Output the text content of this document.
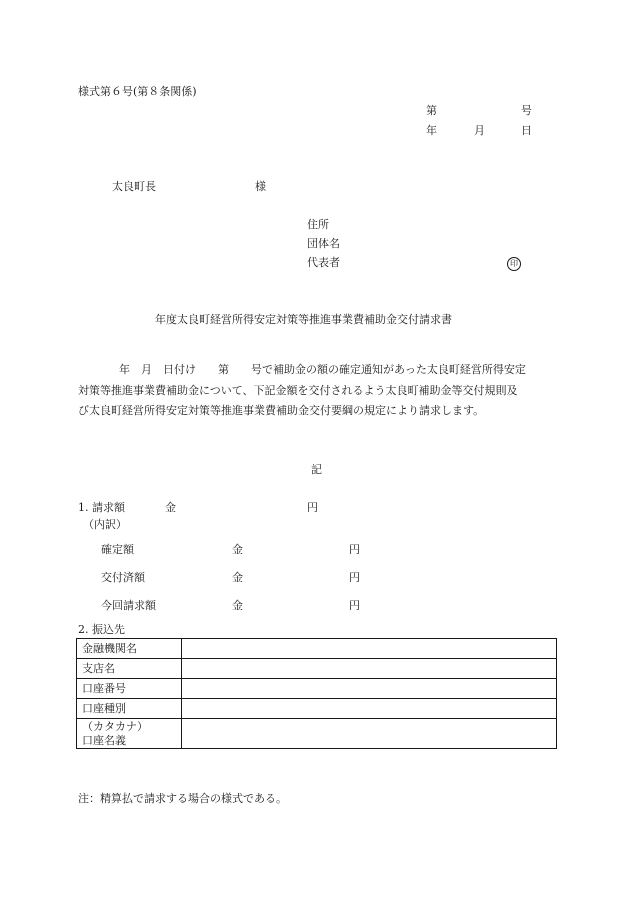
様式第６号(第８条関係)
第	号
年	月	日
太良町長	様
住所
団体名
代表者	印
年度太良町経営所得安定対策等推進事業費補助金交付請求書
　年　月　日付け　　第　　号で補助金の額の確定通知があった太良町経営所得安定
対策等推進事業費補助金について、下記金額を交付されるよう太良町補助金等交付規則及
び太良町経営所得安定対策等推進事業費補助金交付要綱の規定により請求します。
記
1. 請求額	金	円
（内訳）
確定額	金	円
交付済額	金	円
今回請求額	金	円
2. 振込先
金融機関名	
支店名	
口座番号	
口座種別	

（カタカナ）
口座名義	

注：精算払で請求する場合の様式である。
